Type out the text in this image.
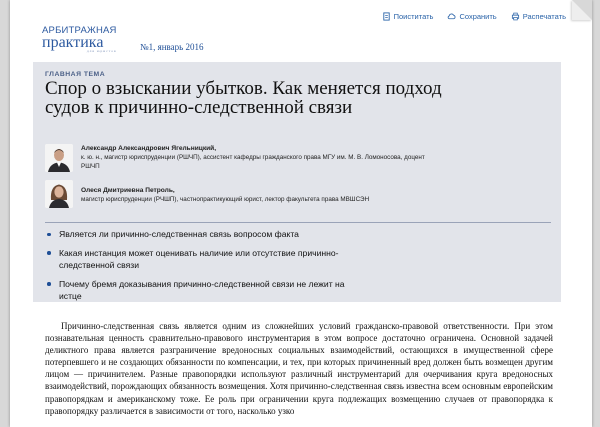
Поиститать	Сохранить	Распечатать
АРБИТРАЖНАЯ
практика
для юристов	№1, январь 2016
ГЛАВНАЯ ТЕМА
Спор о взыскании убытков. Как меняется подход судов к причинно-следственной связи
Александр Александрович Ягельницкий,
к. ю. н., магистр юриспруденции (РШЧП), ассистент кафедры гражданского права МГУ им. М. В. Ломоносова, доцент РШЧП
Олеся Дмитриевна Петроль,
магистр юриспруденции (РЧШП), частнопрактикующий юрист, лектор факультета права МВШСЭН
Является ли причинно-следственная связь вопросом факта
Какая инстанция может оценивать наличие или отсутствие причинно-следственной связи
Почему бремя доказывания причинно-следственной связи не лежит на истце

Причинно-следственная связь является одним из сложнейших условий гражданско-правовой ответственности. При этом познавательная ценность сравнительно-правового инструментария в этом вопросе достаточно ограничена. Основной задачей деликтного права является разграничение вредоносных социальных взаимодействий, остающихся в имущественной сфере потерпевшего и не создающих обязанности по компенсации, и тех, при которых причиненный вред должен быть возмещен другим лицом — причинителем. Разные правопорядки используют различный инструментарий для очерчивания круга вредоносных взаимодействий, порождающих обязанность возмещения. Хотя причинно-следственная связь известна всем основным европейским правопорядкам и американскому тоже. Ее роль при ограничении круга подлежащих возмещению случаев от правопорядка к правопорядку различается в зависимости от того, насколько узко
